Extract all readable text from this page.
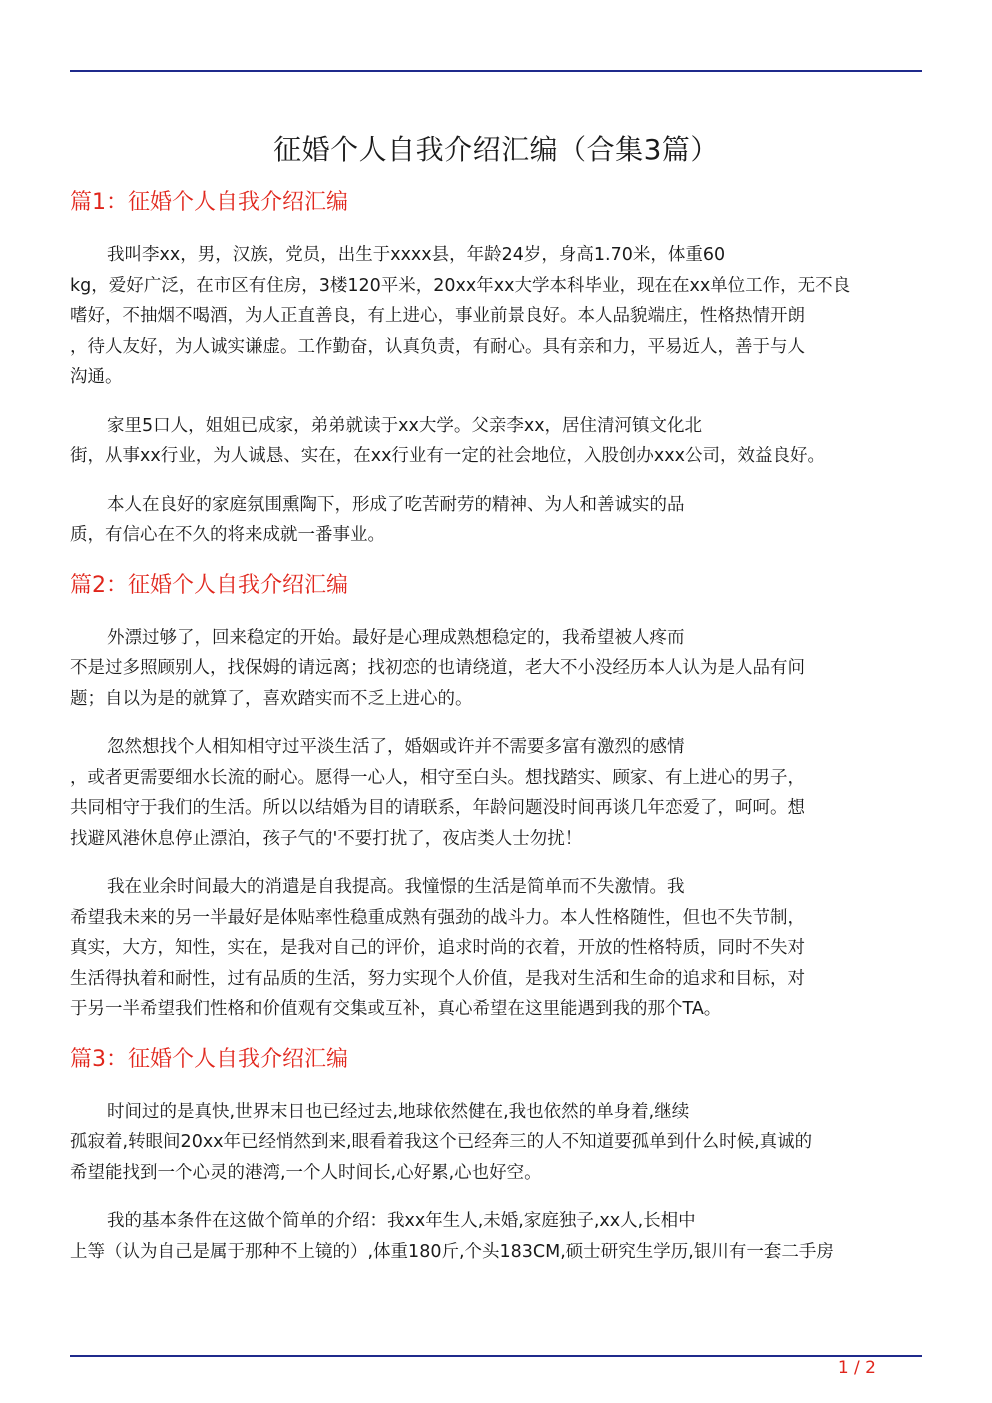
征婚个人自我介绍汇编（合集3篇）
篇1：征婚个人自我介绍汇编
我叫李xx，男，汉族，党员，出生于xxxx县，年龄24岁，身高1.70米，体重60
kg，爱好广泛，在市区有住房，3楼120平米，20xx年xx大学本科毕业，现在在xx单位工作，无不良
嗜好，不抽烟不喝酒，为人正直善良，有上进心，事业前景良好。本人品貌端庄，性格热情开朗
，待人友好，为人诚实谦虚。工作勤奋，认真负责，有耐心。具有亲和力，平易近人，善于与人
沟通。
家里5口人，姐姐已成家，弟弟就读于xx大学。父亲李xx，居住清河镇文化北
街，从事xx行业，为人诚恳、实在，在xx行业有一定的社会地位，入股创办xxx公司，效益良好。
本人在良好的家庭氛围熏陶下，形成了吃苦耐劳的精神、为人和善诚实的品
质，有信心在不久的将来成就一番事业。
篇2：征婚个人自我介绍汇编
外漂过够了，回来稳定的开始。最好是心理成熟想稳定的，我希望被人疼而
不是过多照顾别人，找保姆的请远离；找初恋的也请绕道，老大不小没经历本人认为是人品有问
题；自以为是的就算了，喜欢踏实而不乏上进心的。
忽然想找个人相知相守过平淡生活了，婚姻或许并不需要多富有激烈的感情
，或者更需要细水长流的耐心。愿得一心人，相守至白头。想找踏实、顾家、有上进心的男子，
共同相守于我们的生活。所以以结婚为目的请联系，年龄问题没时间再谈几年恋爱了，呵呵。想
找避风港休息停止漂泊，孩子气的'不要打扰了，夜店类人士勿扰！
我在业余时间最大的消遣是自我提高。我憧憬的生活是简单而不失激情。我
希望我未来的另一半最好是体贴率性稳重成熟有强劲的战斗力。本人性格随性，但也不失节制，
真实，大方，知性，实在，是我对自己的评价，追求时尚的衣着，开放的性格特质，同时不失对
生活得执着和耐性，过有品质的生活，努力实现个人价值，是我对生活和生命的追求和目标，对
于另一半希望我们性格和价值观有交集或互补，真心希望在这里能遇到我的那个TA。
篇3：征婚个人自我介绍汇编
时间过的是真快,世界末日也已经过去,地球依然健在,我也依然的单身着,继续
孤寂着,转眼间20xx年已经悄然到来,眼看着我这个已经奔三的人不知道要孤单到什么时候,真诚的
希望能找到一个心灵的港湾,一个人时间长,心好累,心也好空。
我的基本条件在这做个简单的介绍：我xx年生人,未婚,家庭独子,xx人,长相中
上等（认为自己是属于那种不上镜的）,体重180斤,个头183CM,硕士研究生学历,银川有一套二手房
1 / 2
